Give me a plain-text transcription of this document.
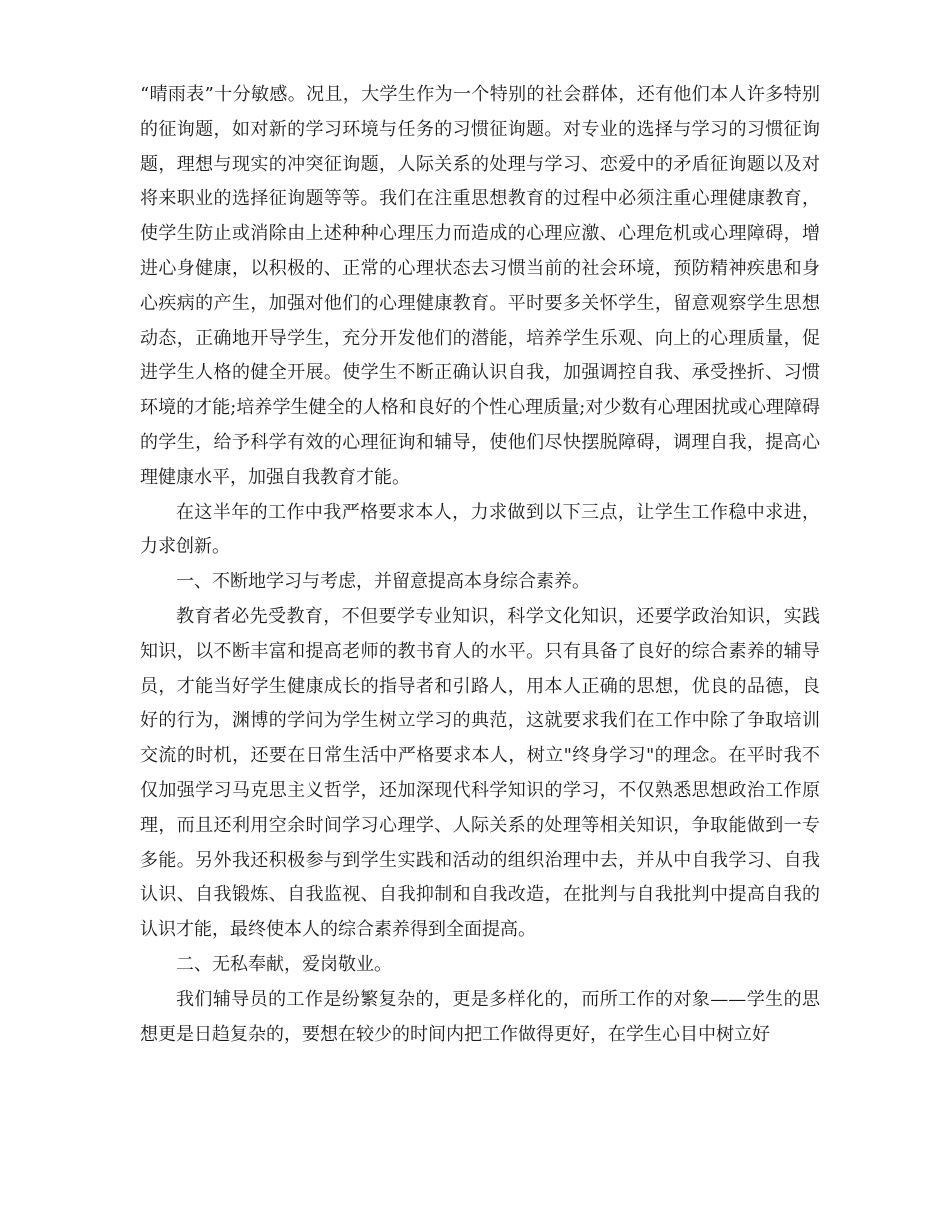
“晴雨表”十分敏感。况且，大学生作为一个特别的社会群体，还有他们本人许多特别的征询题，如对新的学习环境与任务的习惯征询题。对专业的选择与学习的习惯征询题，理想与现实的冲突征询题，人际关系的处理与学习、恋爱中的矛盾征询题以及对将来职业的选择征询题等等。我们在注重思想教育的过程中必须注重心理健康教育，使学生防止或消除由上述种种心理压力而造成的心理应激、心理危机或心理障碍，增进心身健康，以积极的、正常的心理状态去习惯当前的社会环境，预防精神疾患和身心疾病的产生，加强对他们的心理健康教育。平时要多关怀学生，留意观察学生思想动态，正确地开导学生，充分开发他们的潜能，培养学生乐观、向上的心理质量，促进学生人格的健全开展。使学生不断正确认识自我，加强调控自我、承受挫折、习惯环境的才能;培养学生健全的人格和良好的个性心理质量;对少数有心理困扰或心理障碍的学生，给予科学有效的心理征询和辅导，使他们尽快摆脱障碍，调理自我，提高心理健康水平，加强自我教育才能。

在这半年的工作中我严格要求本人，力求做到以下三点，让学生工作稳中求进，力求创新。

一、不断地学习与考虑，并留意提高本身综合素养。

教育者必先受教育，不但要学专业知识，科学文化知识，还要学政治知识，实践知识，以不断丰富和提高老师的教书育人的水平。只有具备了良好的综合素养的辅导员，才能当好学生健康成长的指导者和引路人，用本人正确的思想，优良的品德，良好的行为，渊博的学问为学生树立学习的典范，这就要求我们在工作中除了争取培训交流的时机，还要在日常生活中严格要求本人，树立"终身学习"的理念。在平时我不仅加强学习马克思主义哲学，还加深现代科学知识的学习，不仅熟悉思想政治工作原理，而且还利用空余时间学习心理学、人际关系的处理等相关知识，争取能做到一专多能。另外我还积极参与到学生实践和活动的组织治理中去，并从中自我学习、自我认识、自我锻炼、自我监视、自我抑制和自我改造，在批判与自我批判中提高自我的认识才能，最终使本人的综合素养得到全面提高。

二、无私奉献，爱岗敬业。

我们辅导员的工作是纷繁复杂的，更是多样化的，而所工作的对象——学生的思想更是日趋复杂的，要想在较少的时间内把工作做得更好，在学生心目中树立好
